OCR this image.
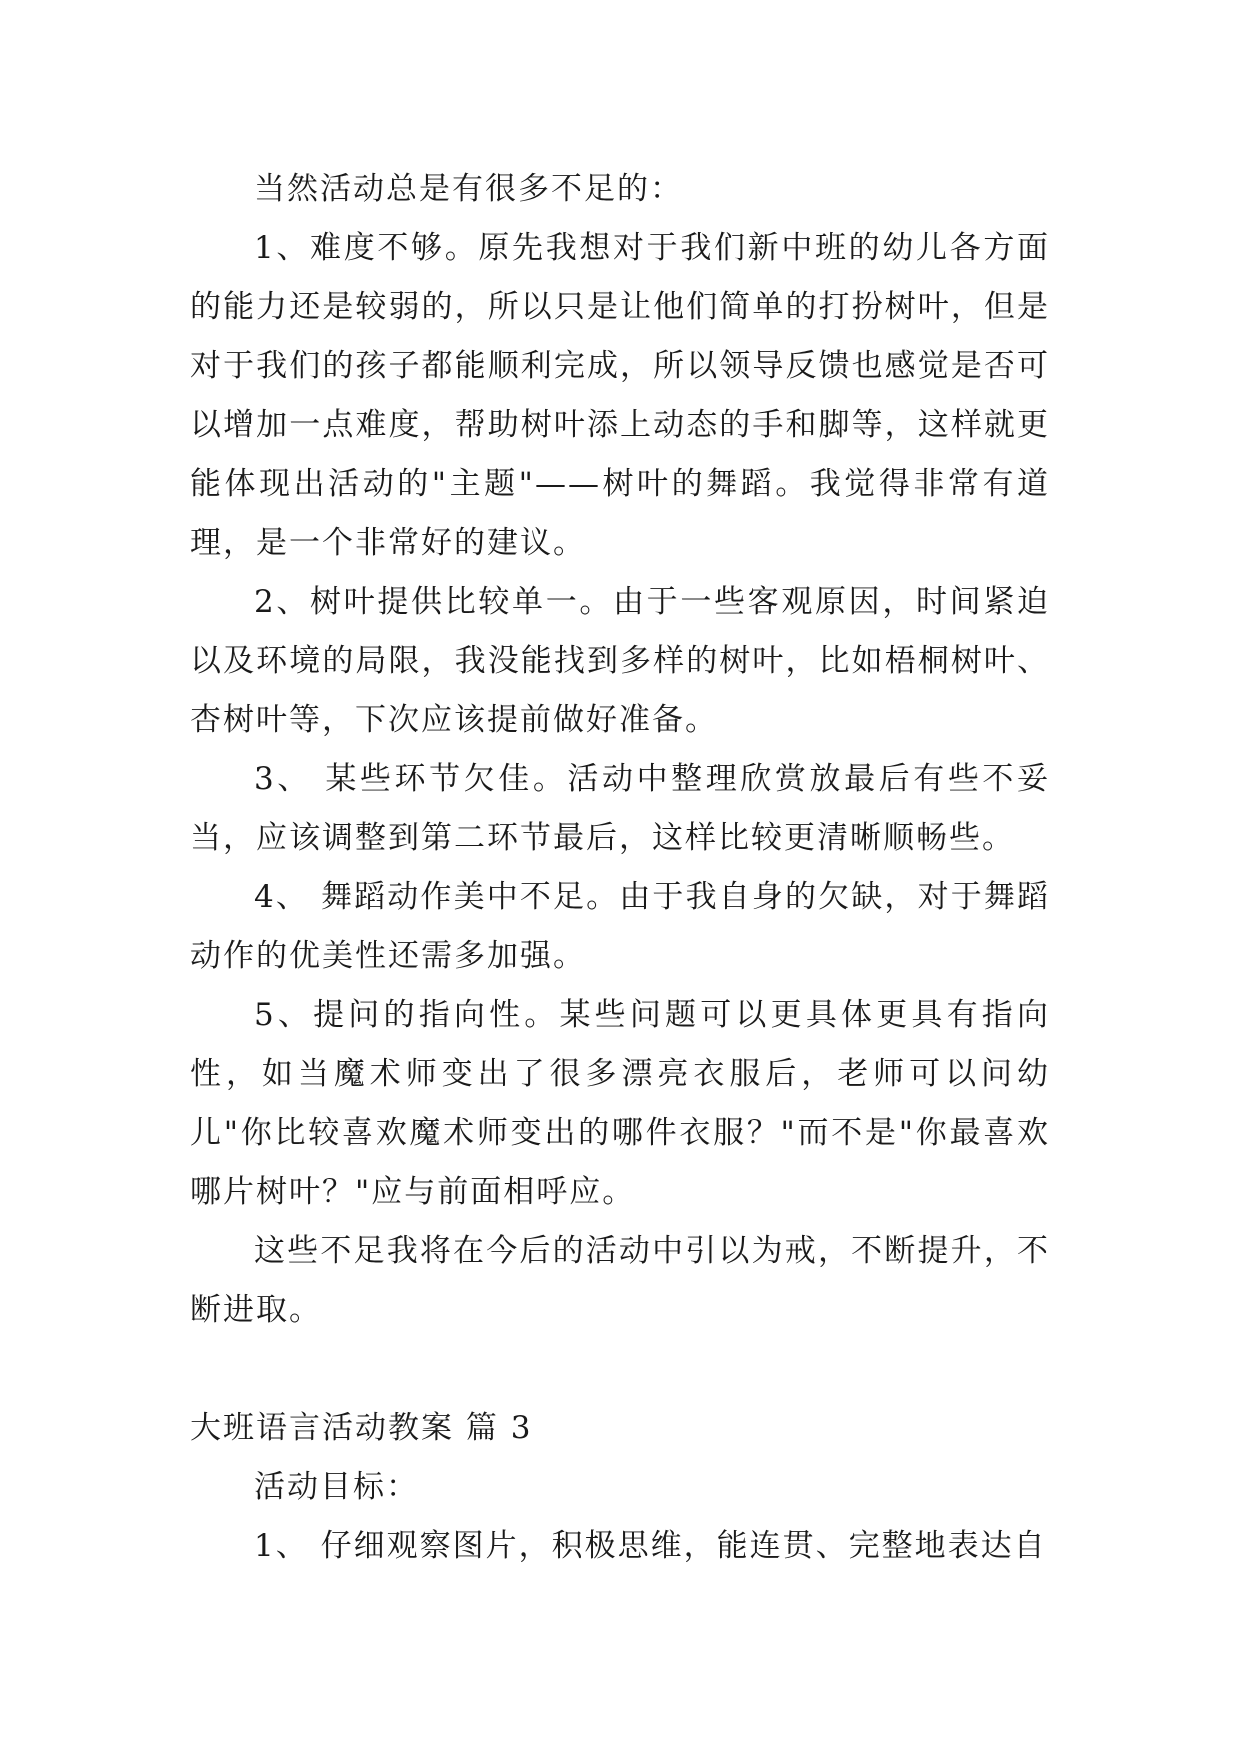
当然活动总是有很多不足的：

1、难度不够。原先我想对于我们新中班的幼儿各方面的能力还是较弱的，所以只是让他们简单的打扮树叶，但是对于我们的孩子都能顺利完成，所以领导反馈也感觉是否可以增加一点难度，帮助树叶添上动态的手和脚等，这样就更能体现出活动的"主题"——树叶的舞蹈。我觉得非常有道理，是一个非常好的建议。

2、树叶提供比较单一。由于一些客观原因，时间紧迫以及环境的局限，我没能找到多样的树叶，比如梧桐树叶、杏树叶等，下次应该提前做好准备。

3、 某些环节欠佳。活动中整理欣赏放最后有些不妥当，应该调整到第二环节最后，这样比较更清晰顺畅些。

4、 舞蹈动作美中不足。由于我自身的欠缺，对于舞蹈动作的优美性还需多加强。

5、提问的指向性。某些问题可以更具体更具有指向性，如当魔术师变出了很多漂亮衣服后，老师可以问幼儿"你比较喜欢魔术师变出的哪件衣服？"而不是"你最喜欢哪片树叶？"应与前面相呼应。

这些不足我将在今后的活动中引以为戒，不断提升，不断进取。

大班语言活动教案 篇 3

活动目标：

1、 仔细观察图片，积极思维，能连贯、完整地表达自
